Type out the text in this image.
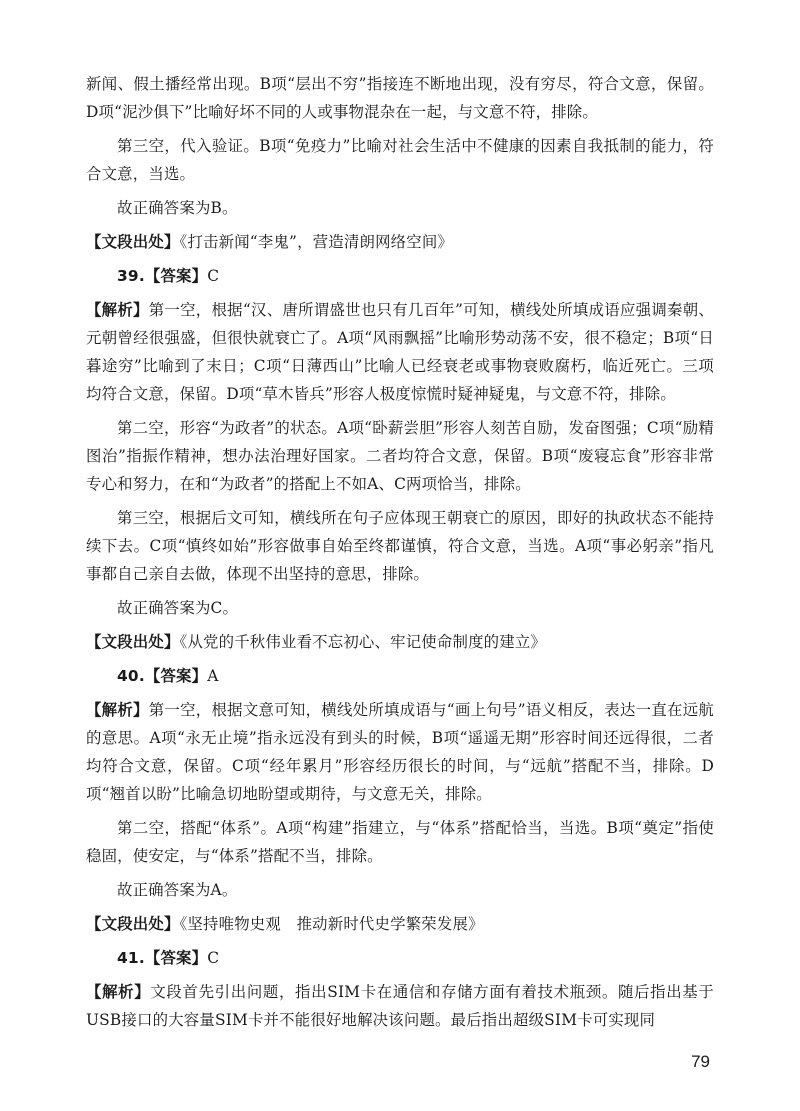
新闻、假土播经常出现。B项“层出不穷”指接连不断地出现，没有穷尽，符合文意，保留。D项“泥沙俱下”比喻好坏不同的人或事物混杂在一起，与文意不符，排除。

第三空，代入验证。B项“免疫力”比喻对社会生活中不健康的因素自我抵制的能力，符合文意，当选。

故正确答案为B。

【文段出处】《打击新闻“李鬼”，营造清朗网络空间》

39.【答案】C

【解析】第一空，根据“汉、唐所谓盛世也只有几百年”可知，横线处所填成语应强调秦朝、元朝曾经很强盛，但很快就衰亡了。A项“风雨飘摇”比喻形势动荡不安，很不稳定；B项“日暮途穷”比喻到了末日；C项“日薄西山”比喻人已经衰老或事物衰败腐朽，临近死亡。三项均符合文意，保留。D项“草木皆兵”形容人极度惊慌时疑神疑鬼，与文意不符，排除。

第二空，形容“为政者”的状态。A项“卧薪尝胆”形容人刻苦自励，发奋图强；C项“励精图治”指振作精神，想办法治理好国家。二者均符合文意，保留。B项“废寝忘食”形容非常专心和努力，在和“为政者”的搭配上不如A、C两项恰当，排除。

第三空，根据后文可知，横线所在句子应体现王朝衰亡的原因，即好的执政状态不能持续下去。C项“慎终如始”形容做事自始至终都谨慎，符合文意，当选。A项“事必躬亲”指凡事都自己亲自去做，体现不出坚持的意思，排除。

故正确答案为C。

【文段出处】《从党的千秋伟业看不忘初心、牢记使命制度的建立》

40.【答案】A

【解析】第一空，根据文意可知，横线处所填成语与“画上句号”语义相反，表达一直在远航的意思。A项“永无止境”指永远没有到头的时候，B项“遥遥无期”形容时间还远得很，二者均符合文意，保留。C项“经年累月”形容经历很长的时间，与“远航”搭配不当，排除。D项“翘首以盼”比喻急切地盼望或期待，与文意无关，排除。

第二空，搭配“体系”。A项“构建”指建立，与“体系”搭配恰当，当选。B项“奠定”指使稳固，使安定，与“体系”搭配不当，排除。

故正确答案为A。

【文段出处】《坚持唯物史观　推动新时代史学繁荣发展》

41.【答案】C

【解析】文段首先引出问题，指出SIM卡在通信和存储方面有着技术瓶颈。随后指出基于USB接口的大容量SIM卡并不能很好地解决该问题。最后指出超级SIM卡可实现同

79
